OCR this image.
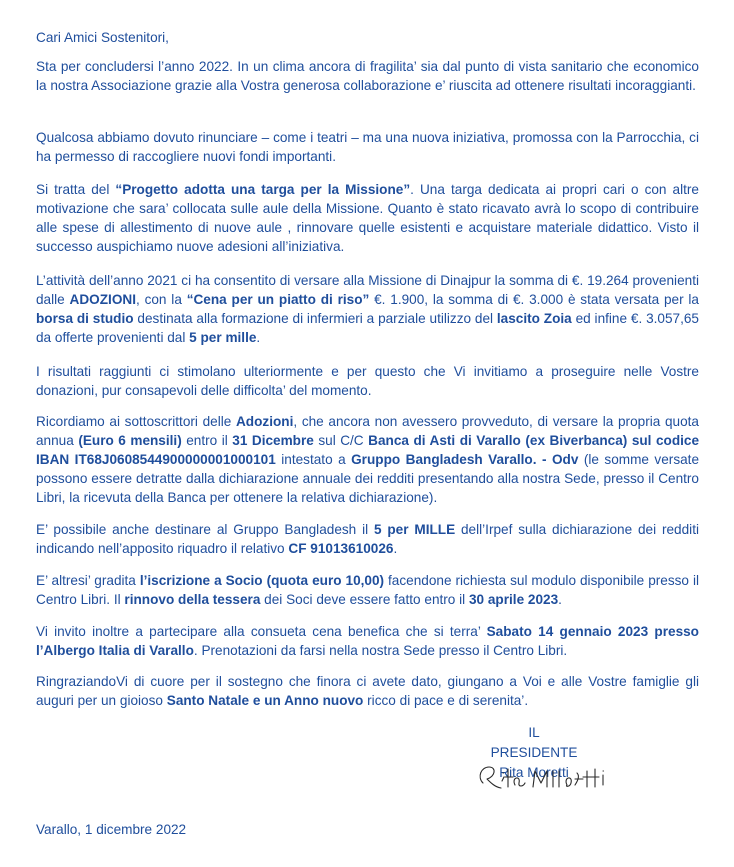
Cari Amici Sostenitori,

Sta per concludersi l’anno 2022. In un clima ancora di fragilita’ sia dal punto di vista sanitario che economico la nostra Associazione grazie alla Vostra generosa collaborazione e’ riuscita ad ottenere risultati incoraggianti.

Qualcosa abbiamo dovuto rinunciare – come i teatri – ma una nuova iniziativa, promossa con la Parrocchia, ci ha permesso di raccogliere nuovi fondi importanti.

Si tratta del “Progetto adotta una targa per la Missione”. Una targa dedicata ai propri cari o con altre motivazione che sara’ collocata sulle aule della Missione. Quanto è stato ricavato avrà lo scopo di contribuire alle spese di allestimento di nuove aule , rinnovare quelle esistenti e acquistare materiale didattico. Visto il successo auspichiamo nuove adesioni all’iniziativa.

L’attività dell’anno 2021 ci ha consentito di versare alla Missione di Dinajpur la somma di €. 19.264 provenienti dalle ADOZIONI, con la “Cena per un piatto di riso” €. 1.900, la somma di €. 3.000 è stata versata per la borsa di studio destinata alla formazione di infermieri a parziale utilizzo del lascito Zoia ed infine €. 3.057,65 da offerte provenienti dal 5 per mille.

I risultati raggiunti ci stimolano ulteriormente e per questo che Vi invitiamo a proseguire nelle Vostre donazioni, pur consapevoli delle difficolta’ del momento.

Ricordiamo ai sottoscrittori delle Adozioni, che ancora non avessero provveduto, di versare la propria quota annua (Euro 6 mensili) entro il 31 Dicembre sul C/C Banca di Asti di Varallo (ex Biverbanca) sul codice IBAN IT68J0608544900000001000101 intestato a Gruppo Bangladesh Varallo. - Odv (le somme versate possono essere detratte dalla dichiarazione annuale dei redditi presentando alla nostra Sede, presso il Centro Libri, la ricevuta della Banca per ottenere la relativa dichiarazione).

E’ possibile anche destinare al Gruppo Bangladesh il 5 per MILLE dell’Irpef sulla dichiarazione dei redditi indicando nell’apposito riquadro il relativo CF 91013610026.

E’ altresi’ gradita l’iscrizione a Socio (quota euro 10,00) facendone richiesta sul modulo disponibile presso il Centro Libri. Il rinnovo della tessera dei Soci deve essere fatto entro il 30 aprile 2023.

Vi invito inoltre a partecipare alla consueta cena benefica che si terra’ Sabato 14 gennaio 2023 presso l’Albergo Italia di Varallo. Prenotazioni da farsi nella nostra Sede presso il Centro Libri.

RingraziandoVi di cuore per il sostegno che finora ci avete dato, giungano a Voi e alle Vostre famiglie gli auguri per un gioioso Santo Natale e un Anno nuovo ricco di pace e di serenita’.

IL PRESIDENTE
Rita Moretti
Varallo, 1 dicembre 2022
